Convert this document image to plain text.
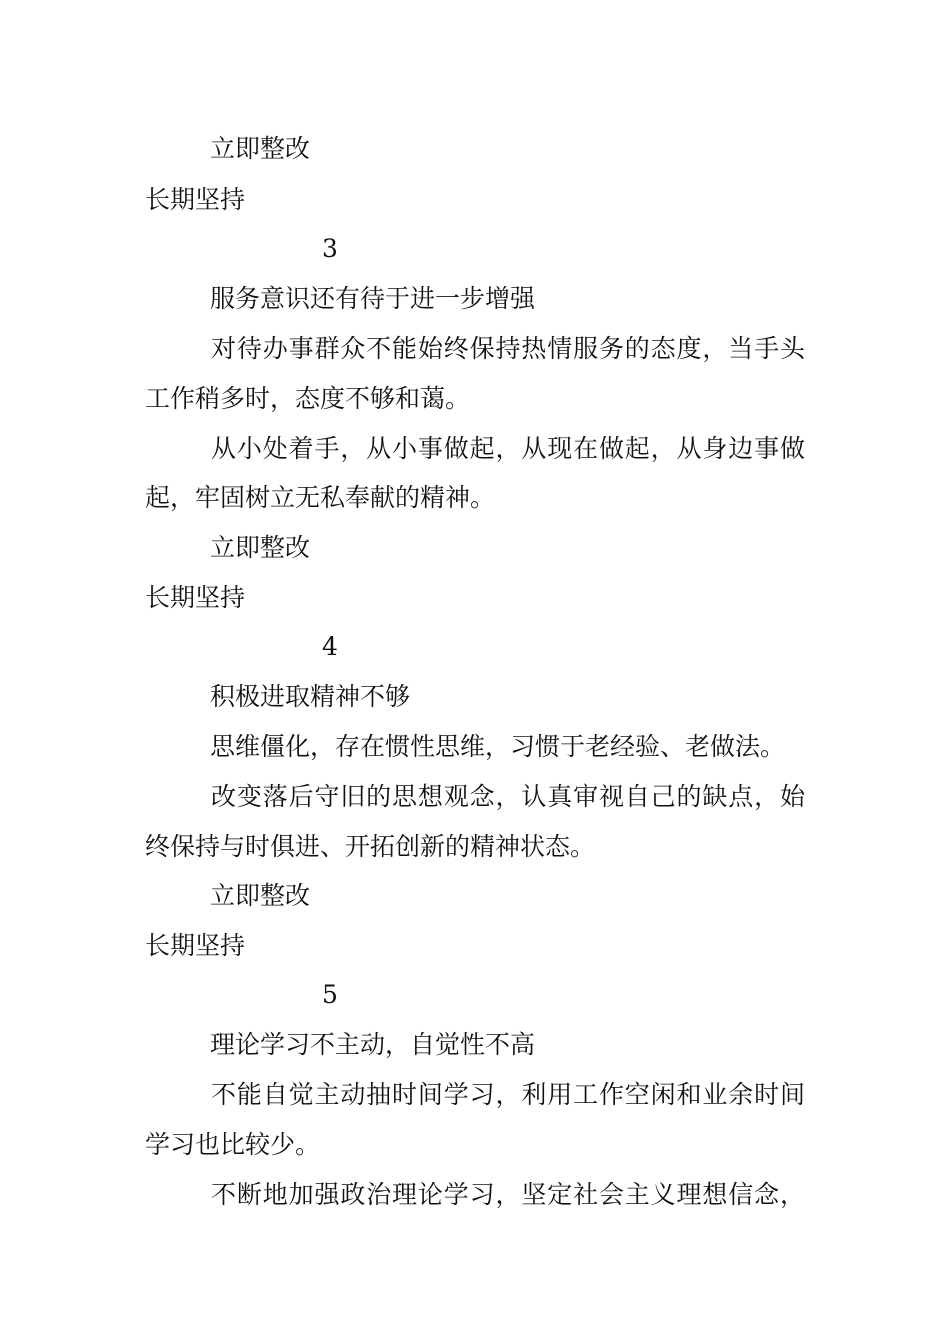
立即整改
长期坚持
3
服务意识还有待于进一步增强
对待办事群众不能始终保持热情服务的态度，当手头
工作稍多时，态度不够和蔼。
从小处着手，从小事做起，从现在做起，从身边事做
起，牢固树立无私奉献的精神。
立即整改
长期坚持
4
积极进取精神不够
思维僵化，存在惯性思维，习惯于老经验、老做法。
改变落后守旧的思想观念，认真审视自己的缺点，始
终保持与时俱进、开拓创新的精神状态。
立即整改
长期坚持
5
理论学习不主动，自觉性不高
不能自觉主动抽时间学习，利用工作空闲和业余时间
学习也比较少。
不断地加强政治理论学习，坚定社会主义理想信念，
